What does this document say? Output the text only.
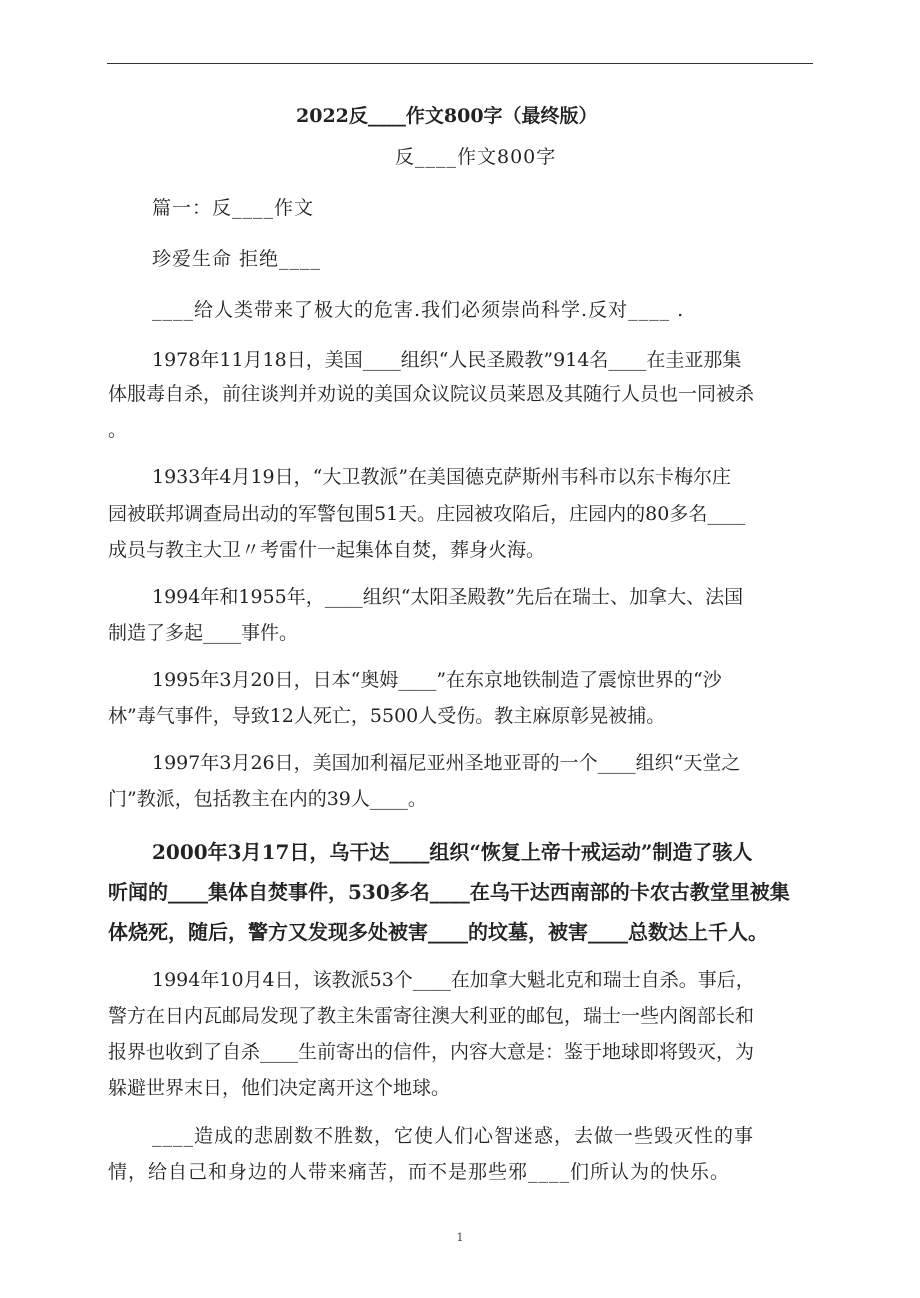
2022反____作文800字（最终版）
反____作文800字
篇一：反____作文
珍爱生命 拒绝____
____给人类带来了极大的危害.我们必须崇尚科学.反对____ .
1978年11月18日，美国____组织“人民圣殿教”914名____在圭亚那集
体服毒自杀，前往谈判并劝说的美国众议院议员莱恩及其随行人员也一同被杀
。
1933年4月19日，“大卫教派”在美国德克萨斯州韦科市以东卡梅尔庄
园被联邦调查局出动的军警包围51天。庄园被攻陷后，庄园内的80多名____
成员与教主大卫〃考雷什一起集体自焚，葬身火海。
1994年和1955年，____组织“太阳圣殿教”先后在瑞士、加拿大、法国
制造了多起____事件。
1995年3月20日，日本“奥姆____”在东京地铁制造了震惊世界的“沙
林”毒气事件，导致12人死亡，5500人受伤。教主麻原彰晃被捕。
1997年3月26日，美国加利福尼亚州圣地亚哥的一个____组织“天堂之
门”教派，包括教主在内的39人____。
2000年3月17日，乌干达____组织“恢复上帝十戒运动”制造了骇人
听闻的____集体自焚事件，530多名____在乌干达西南部的卡农古教堂里被集
体烧死，随后，警方又发现多处被害____的坟墓，被害____总数达上千人。
1994年10月4日，该教派53个____在加拿大魁北克和瑞士自杀。事后，
警方在日内瓦邮局发现了教主朱雷寄往澳大利亚的邮包，瑞士一些内阁部长和
报界也收到了自杀____生前寄出的信件，内容大意是：鉴于地球即将毁灭，为
躲避世界末日，他们决定离开这个地球。
____造成的悲剧数不胜数，它使人们心智迷惑，去做一些毁灭性的事
情，给自己和身边的人带来痛苦，而不是那些邪____们所认为的快乐。
1
